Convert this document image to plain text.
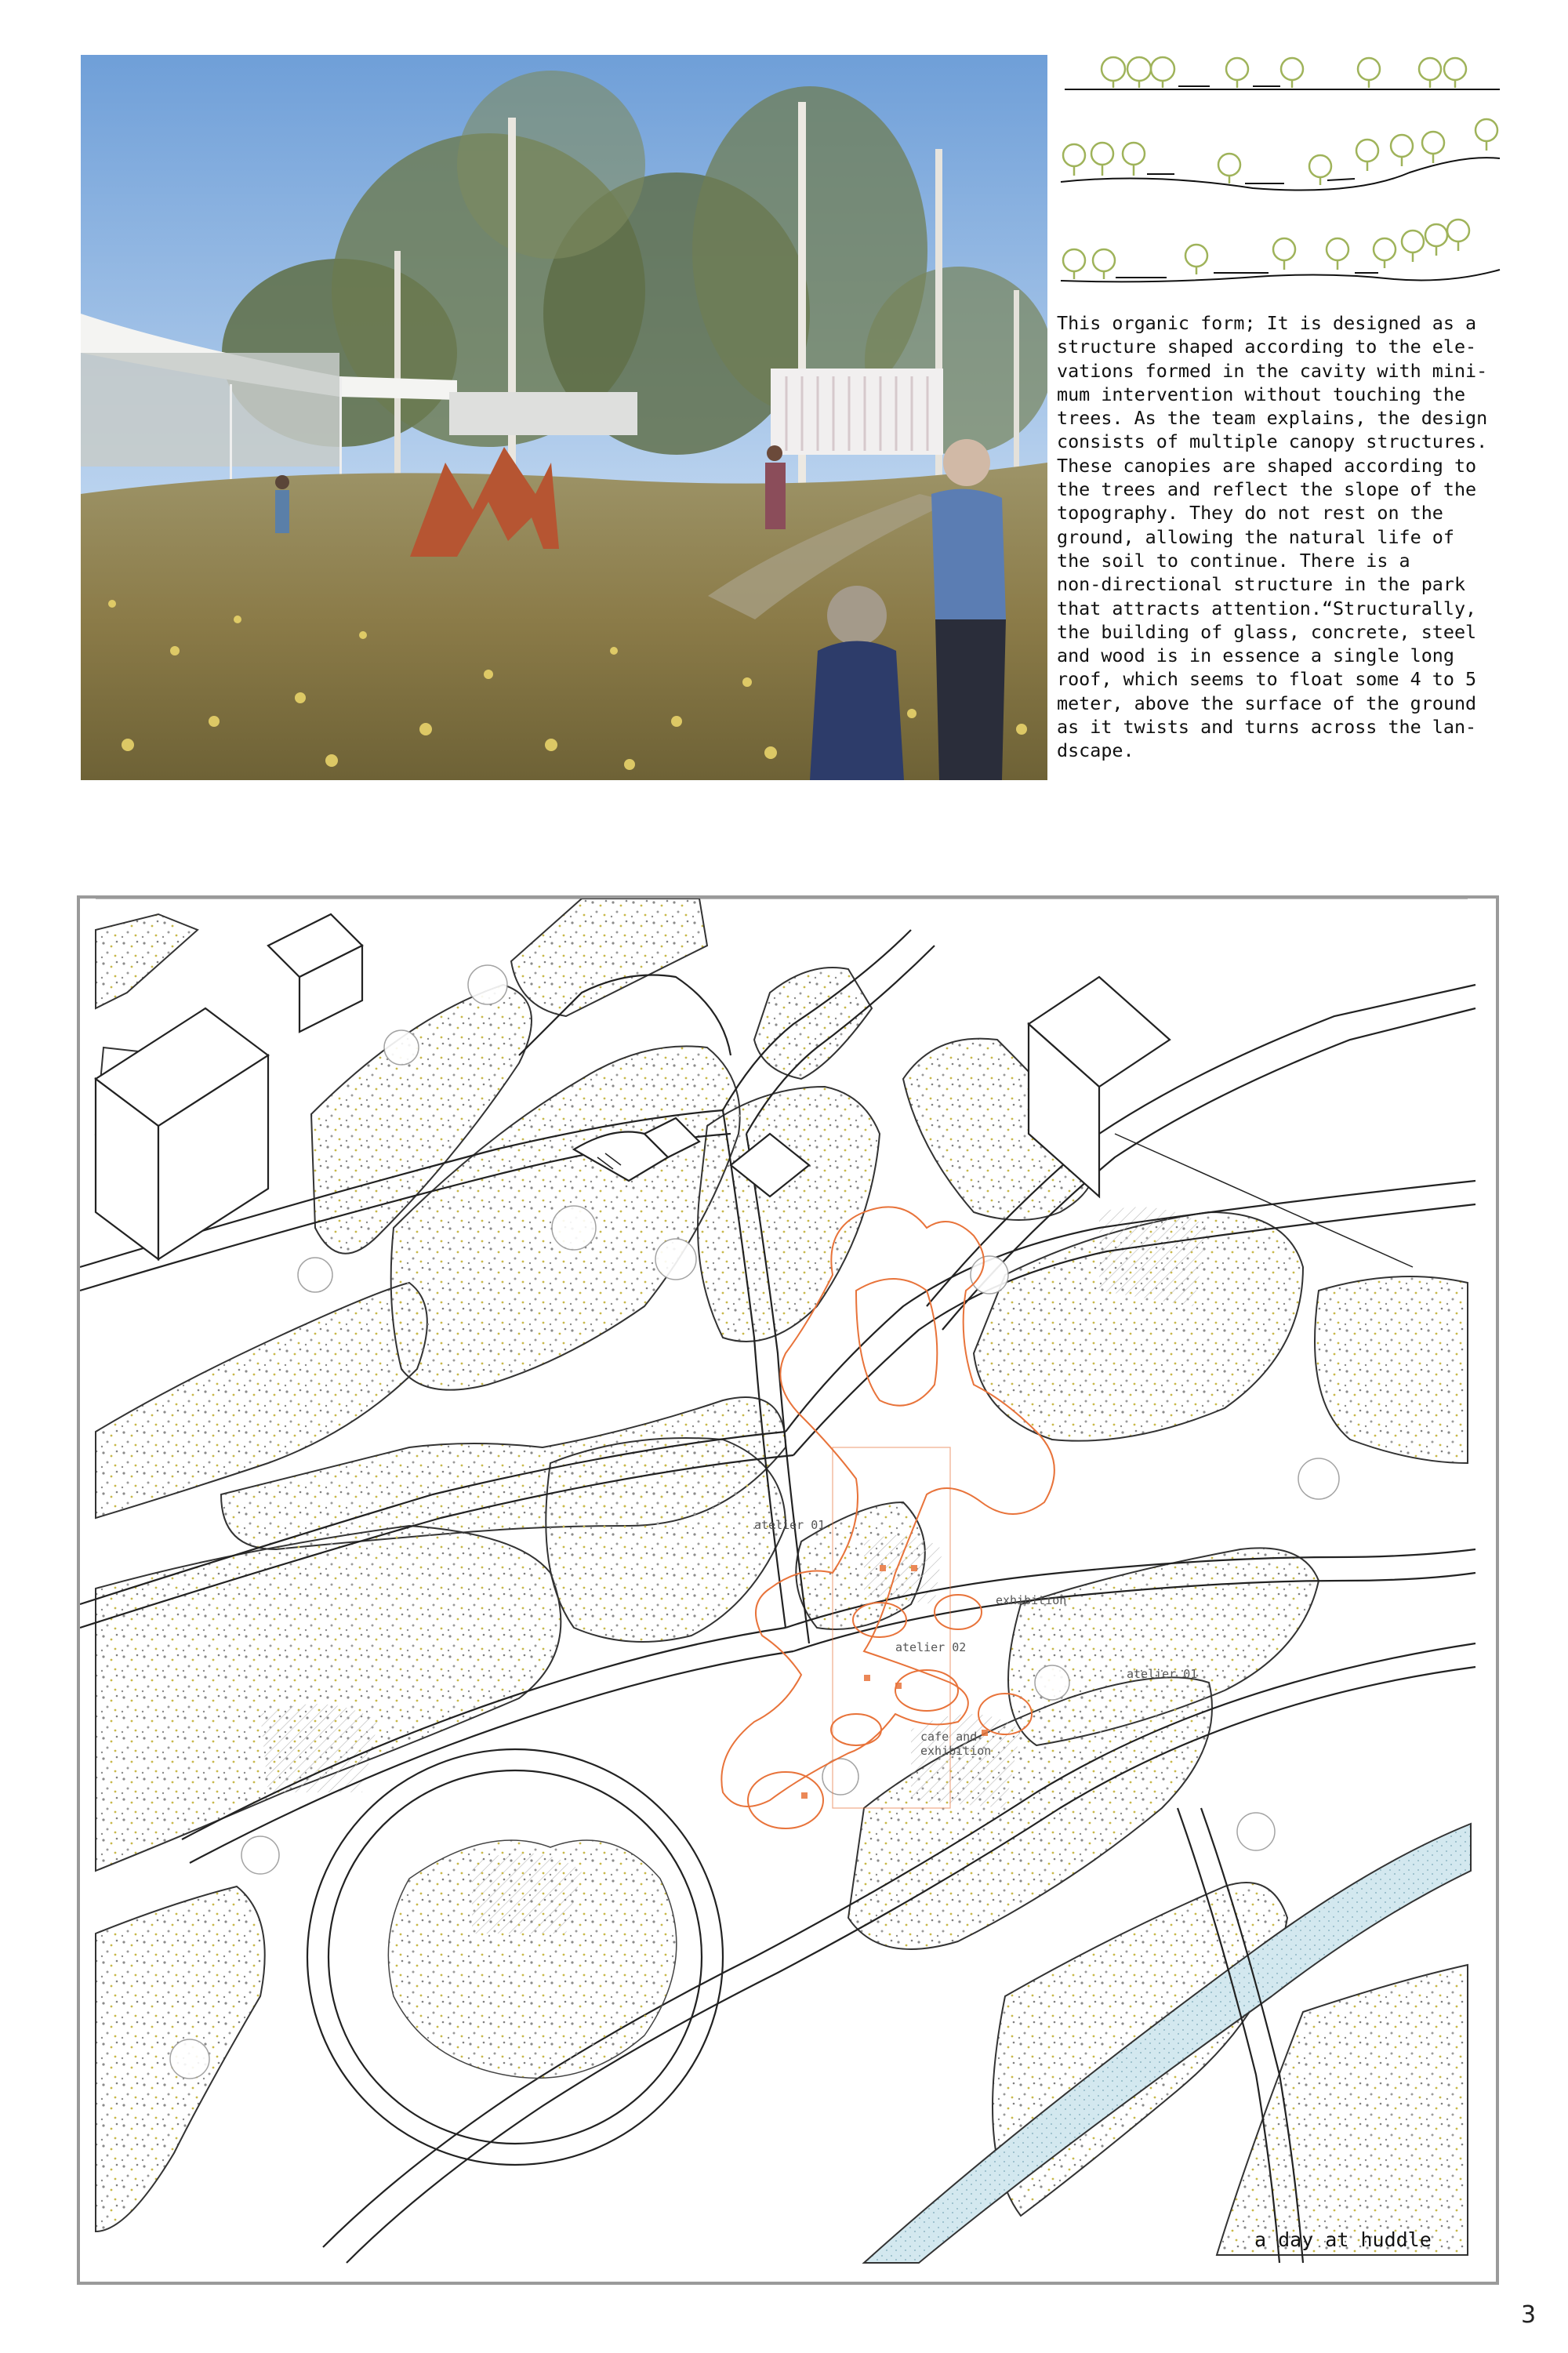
This organic form; It is designed as a
structure shaped according to the ele-
vations formed in the cavity with mini-
mum intervention without touching the
trees. As the team explains, the design
consists of multiple canopy structures.
These canopies are shaped according to
the trees and reflect the slope of the
topography. They do not rest on the
ground, allowing the natural life of
the soil to continue. There is a
non-directional structure in the park
that attracts attention.“Structurally,
the building of glass, concrete, steel
and wood is in essence a single long
roof, which seems to float some 4 to 5
meter, above the surface of the ground
as it twists and turns across the lan-
dscape.

atelier 01
exhibition
atelier 02
atelier 01
cafe and
exhibition
a day at huddle
3
